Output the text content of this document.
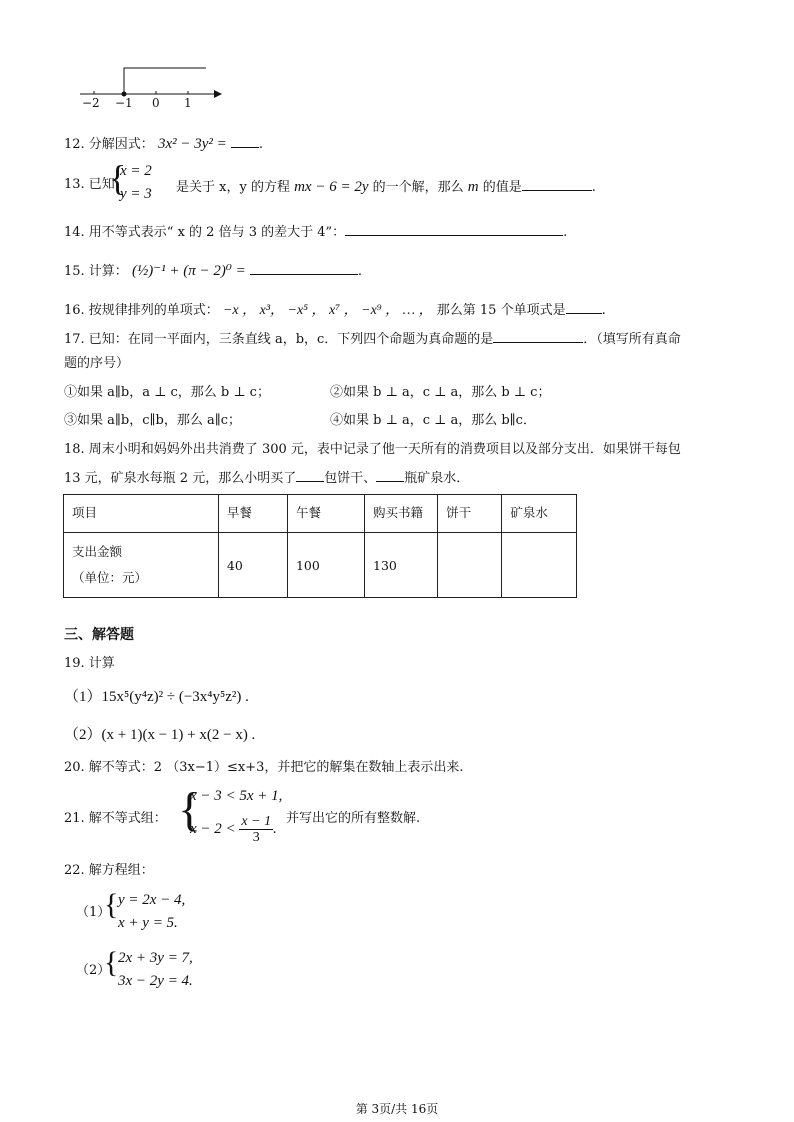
−2 −1 0 1
12. 分解因式： 3x² − 3y² = .
13. 已知
{
x = 2
y = 3 是关于 x，y 的方程 mx − 6 = 2y 的一个解，那么 m 的值是	.
14. 用不等式表示“ x 的 2 倍与 3 的差大于 4”：	.
15. 计算： (½)⁻¹ + (π − 2)⁰ =	.
16. 按规律排列的单项式： −x ， x³， −x⁵ ， x⁷ ， −x⁹ ， … ， 那么第 15 个单项式是	.
17. 已知：在同一平面内，三条直线 a，b，c．下列四个命题为真命题的是	．（填写所有真命
题的序号）
①如果 a∥b，a ⊥ c，那么 b ⊥ c；	②如果 b ⊥ a，c ⊥ a，那么 b ⊥ c；
③如果 a∥b，c∥b，那么 a∥c；	④如果 b ⊥ a，c ⊥ a，那么 b∥c．
18. 周末小明和妈妈外出共消费了 300 元，表中记录了他一天所有的消费项目以及部分支出．如果饼干每包
13 元，矿泉水每瓶 2 元，那么小明买了 包饼干、 瓶矿泉水．
项目	早餐	午餐	购买书籍	饼干	矿泉水

支出金额
（单位：元）	40	100	130		
三、解答题
19. 计算
（1）15x⁵(y⁴z)² ÷ (−3x⁴y⁵z²) .
（2）(x + 1)(x − 1) + x(2 − x) .
20. 解不等式：2 （3x−1）≤x+3，并把它的解集在数轴上表示出来.
21. 解不等式组： {
x − 3 < 5x + 1,
$x - 2 < \frac{x - 1}{3}$ .
并写出它的所有整数解.
22. 解方程组：
（1）
{ y = 2x − 4,
x + y = 5.
（2）
{ 2x + 3y = 7,
3x − 2y = 4.
第 3页/共 16页
